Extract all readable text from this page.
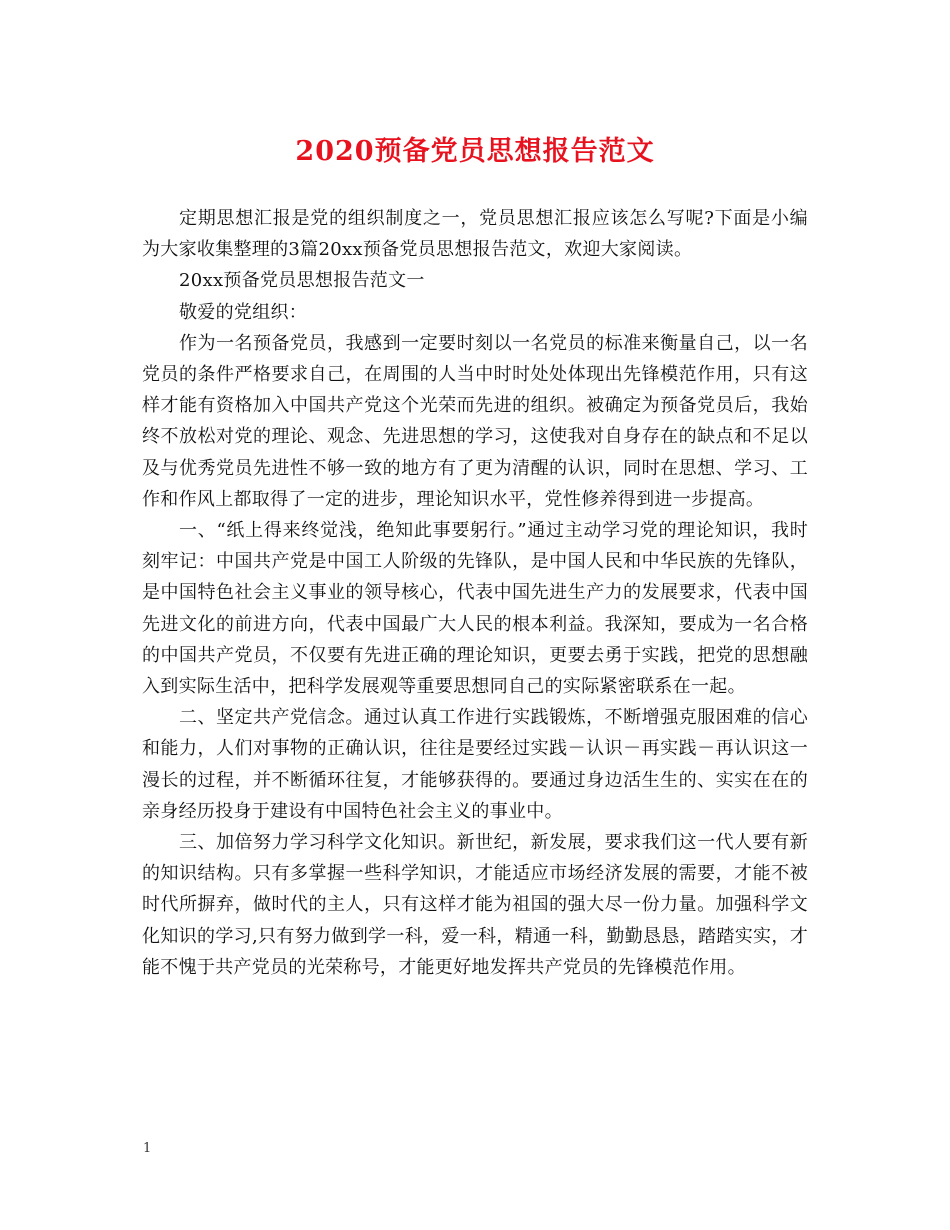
2020预备党员思想报告范文

定期思想汇报是党的组织制度之一，党员思想汇报应该怎么写呢?下面是小编为大家收集整理的3篇20xx预备党员思想报告范文，欢迎大家阅读。

20xx预备党员思想报告范文一

敬爱的党组织：

作为一名预备党员，我感到一定要时刻以一名党员的标准来衡量自己，以一名党员的条件严格要求自己，在周围的人当中时时处处体现出先锋模范作用，只有这样才能有资格加入中国共产党这个光荣而先进的组织。被确定为预备党员后，我始终不放松对党的理论、观念、先进思想的学习，这使我对自身存在的缺点和不足以及与优秀党员先进性不够一致的地方有了更为清醒的认识，同时在思想、学习、工作和作风上都取得了一定的进步，理论知识水平，党性修养得到进一步提高。

一、“纸上得来终觉浅，绝知此事要躬行。”通过主动学习党的理论知识，我时刻牢记：中国共产党是中国工人阶级的先锋队，是中国人民和中华民族的先锋队，是中国特色社会主义事业的领导核心，代表中国先进生产力的发展要求，代表中国先进文化的前进方向，代表中国最广大人民的根本利益。我深知，要成为一名合格的中国共产党员，不仅要有先进正确的理论知识，更要去勇于实践，把党的思想融入到实际生活中，把科学发展观等重要思想同自己的实际紧密联系在一起。

二、坚定共产党信念。通过认真工作进行实践锻炼，不断增强克服困难的信心和能力，人们对事物的正确认识，往往是要经过实践－认识－再实践－再认识这一漫长的过程，并不断循环往复，才能够获得的。要通过身边活生生的、实实在在的亲身经历投身于建设有中国特色社会主义的事业中。

三、加倍努力学习科学文化知识。新世纪，新发展，要求我们这一代人要有新的知识结构。只有多掌握一些科学知识，才能适应市场经济发展的需要，才能不被时代所摒弃，做时代的主人，只有这样才能为祖国的强大尽一份力量。加强科学文化知识的学习,只有努力做到学一科，爱一科，精通一科，勤勤恳恳，踏踏实实，才能不愧于共产党员的光荣称号，才能更好地发挥共产党员的先锋模范作用。

1
